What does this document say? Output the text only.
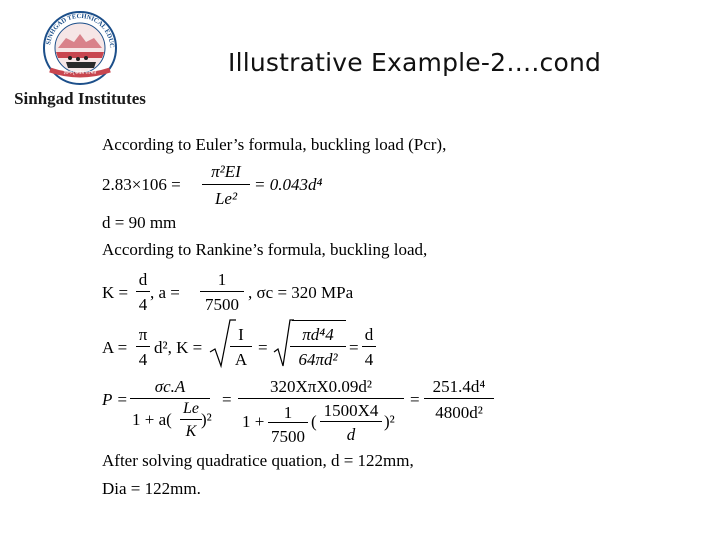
SINHGAD TECHNICAL EDUC
ज्ञानम् सर्वत्र शोभते
Sinhgad Institutes
Illustrative Example-2….cond
According to Euler’s formula, buckling load (Pcr),
2.83×106 =
π²EI
Le²
= 0.043d⁴
d = 90 mm
According to Rankine’s formula, buckling load,
K =
d
4
, a =
1
7500
, σc = 320 MPa
A =
π
4
d², K =
I
A
=
πd⁴4
64πd²
=
d
4
P =
σc.A
1 + a(
Le
K
)²
=
320XπX0.09d²
1 +	1
7500
(
1500X4
d
)²
=
251.4d⁴
4800d²
After solving quadratice quation, d = 122mm,
Dia = 122mm.
